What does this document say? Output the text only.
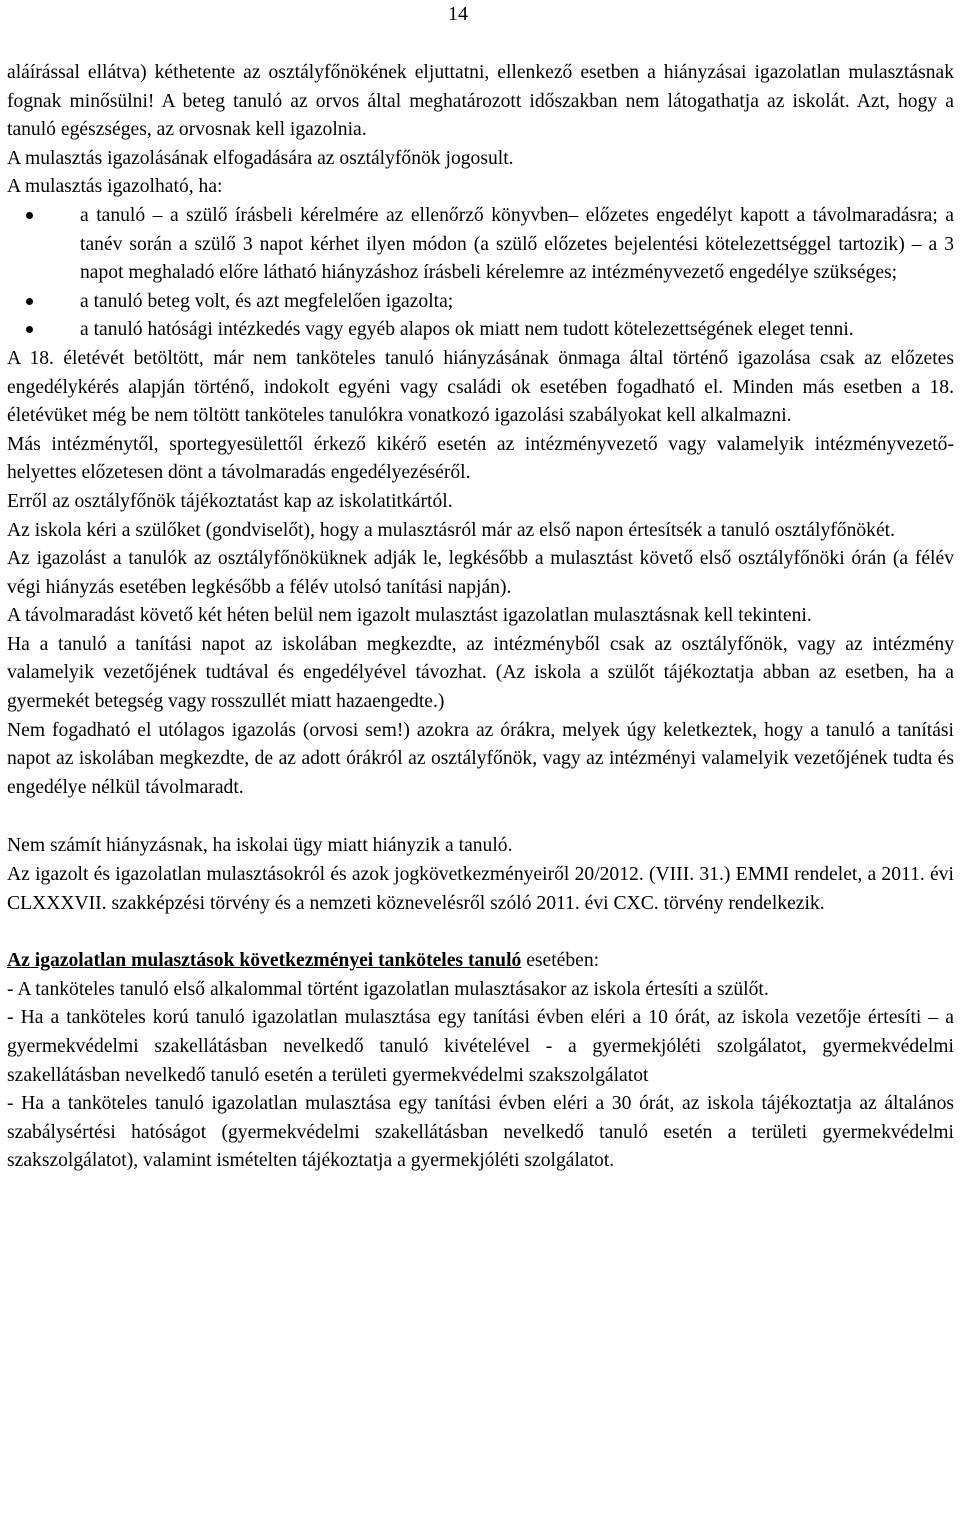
14

aláírással ellátva) kéthetente az osztályfőnökének eljuttatni, ellenkező esetben a hiányzásai igazolatlan mulasztásnak fognak minősülni! A beteg tanuló az orvos által meghatározott időszakban nem látogathatja az iskolát. Azt, hogy a tanuló egészséges, az orvosnak kell igazolnia.

A mulasztás igazolásának elfogadására az osztályfőnök jogosult.

A mulasztás igazolható, ha:

a tanuló – a szülő írásbeli kérelmére az ellenőrző könyvben– előzetes engedélyt kapott a távolmaradásra; a tanév során a szülő 3 napot kérhet ilyen módon (a szülő előzetes bejelentési kötelezettséggel tartozik) – a 3 napot meghaladó előre látható hiányzáshoz írásbeli kérelemre az intézményvezető engedélye szükséges;
a tanuló beteg volt, és azt megfelelően igazolta;
a tanuló hatósági intézkedés vagy egyéb alapos ok miatt nem tudott kötelezettségének eleget tenni.

A 18. életévét betöltött, már nem tanköteles tanuló hiányzásának önmaga által történő igazolása csak az előzetes engedélykérés alapján történő, indokolt egyéni vagy családi ok esetében fogadható el. Minden más esetben a 18. életévüket még be nem töltött tanköteles tanulókra vonatkozó igazolási szabályokat kell alkalmazni.

Más intézménytől, sportegyesülettől érkező kikérő esetén az intézményvezető vagy valamelyik intézményvezető-helyettes előzetesen dönt a távolmaradás engedélyezéséről.

Erről az osztályfőnök tájékoztatást kap az iskolatitkártól.

Az iskola kéri a szülőket (gondviselőt), hogy a mulasztásról már az első napon értesítsék a tanuló osztályfőnökét.

Az igazolást a tanulók az osztályfőnöküknek adják le, legkésőbb a mulasztást követő első osztályfőnöki órán (a félév végi hiányzás esetében legkésőbb a félév utolsó tanítási napján).

A távolmaradást követő két héten belül nem igazolt mulasztást igazolatlan mulasztásnak kell tekinteni.

Ha a tanuló a tanítási napot az iskolában megkezdte, az intézményből csak az osztályfőnök, vagy az intézmény valamelyik vezetőjének tudtával és engedélyével távozhat. (Az iskola a szülőt tájékoztatja abban az esetben, ha a gyermekét betegség vagy rosszullét miatt hazaengedte.)

Nem fogadható el utólagos igazolás (orvosi sem!) azokra az órákra, melyek úgy keletkeztek, hogy a tanuló a tanítási napot az iskolában megkezdte, de az adott órákról az osztályfőnök, vagy az intézményi valamelyik vezetőjének tudta és engedélye nélkül távolmaradt.

Nem számít hiányzásnak, ha iskolai ügy miatt hiányzik a tanuló.

Az igazolt és igazolatlan mulasztásokról és azok jogkövetkezményeiről 20/2012. (VIII. 31.) EMMI rendelet, a 2011. évi CLXXXVII. szakképzési törvény és a nemzeti köznevelésről szóló 2011. évi CXC. törvény rendelkezik.

Az igazolatlan mulasztások következményei tanköteles tanuló esetében:

- A tanköteles tanuló első alkalommal történt igazolatlan mulasztásakor az iskola értesíti a szülőt.

- Ha a tanköteles korú tanuló igazolatlan mulasztása egy tanítási évben eléri a 10 órát, az iskola vezetője értesíti – a gyermekvédelmi szakellátásban nevelkedő tanuló kivételével - a gyermekjóléti szolgálatot, gyermekvédelmi szakellátásban nevelkedő tanuló esetén a területi gyermekvédelmi szakszolgálatot

- Ha a tanköteles tanuló igazolatlan mulasztása egy tanítási évben eléri a 30 órát, az iskola tájékoztatja az általános szabálysértési hatóságot (gyermekvédelmi szakellátásban nevelkedő tanuló esetén a területi gyermekvédelmi szakszolgálatot), valamint ismételten tájékoztatja a gyermekjóléti szolgálatot.
